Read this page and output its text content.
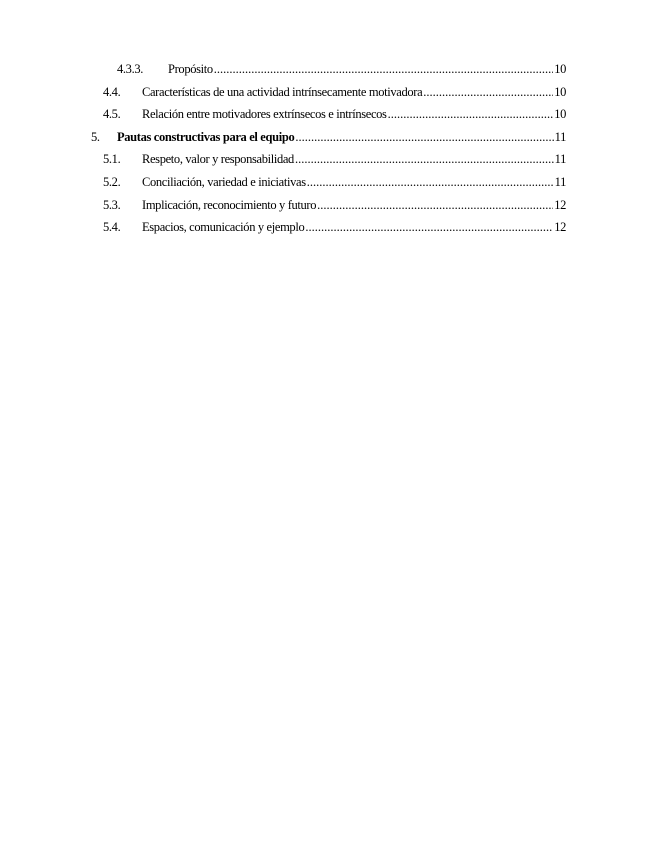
4.3.3. Propósito .....	10
4.4. Características de una actividad intrínsecamente motivadora .....	10
4.5. Relación entre motivadores extrínsecos e intrínsecos .....	10
5. Pautas constructivas para el equipo .....	11
5.1. Respeto, valor y responsabilidad .....	11
5.2. Conciliación, variedad e iniciativas .....	11
5.3. Implicación, reconocimiento y futuro .....	12
5.4. Espacios, comunicación y ejemplo .....	12
